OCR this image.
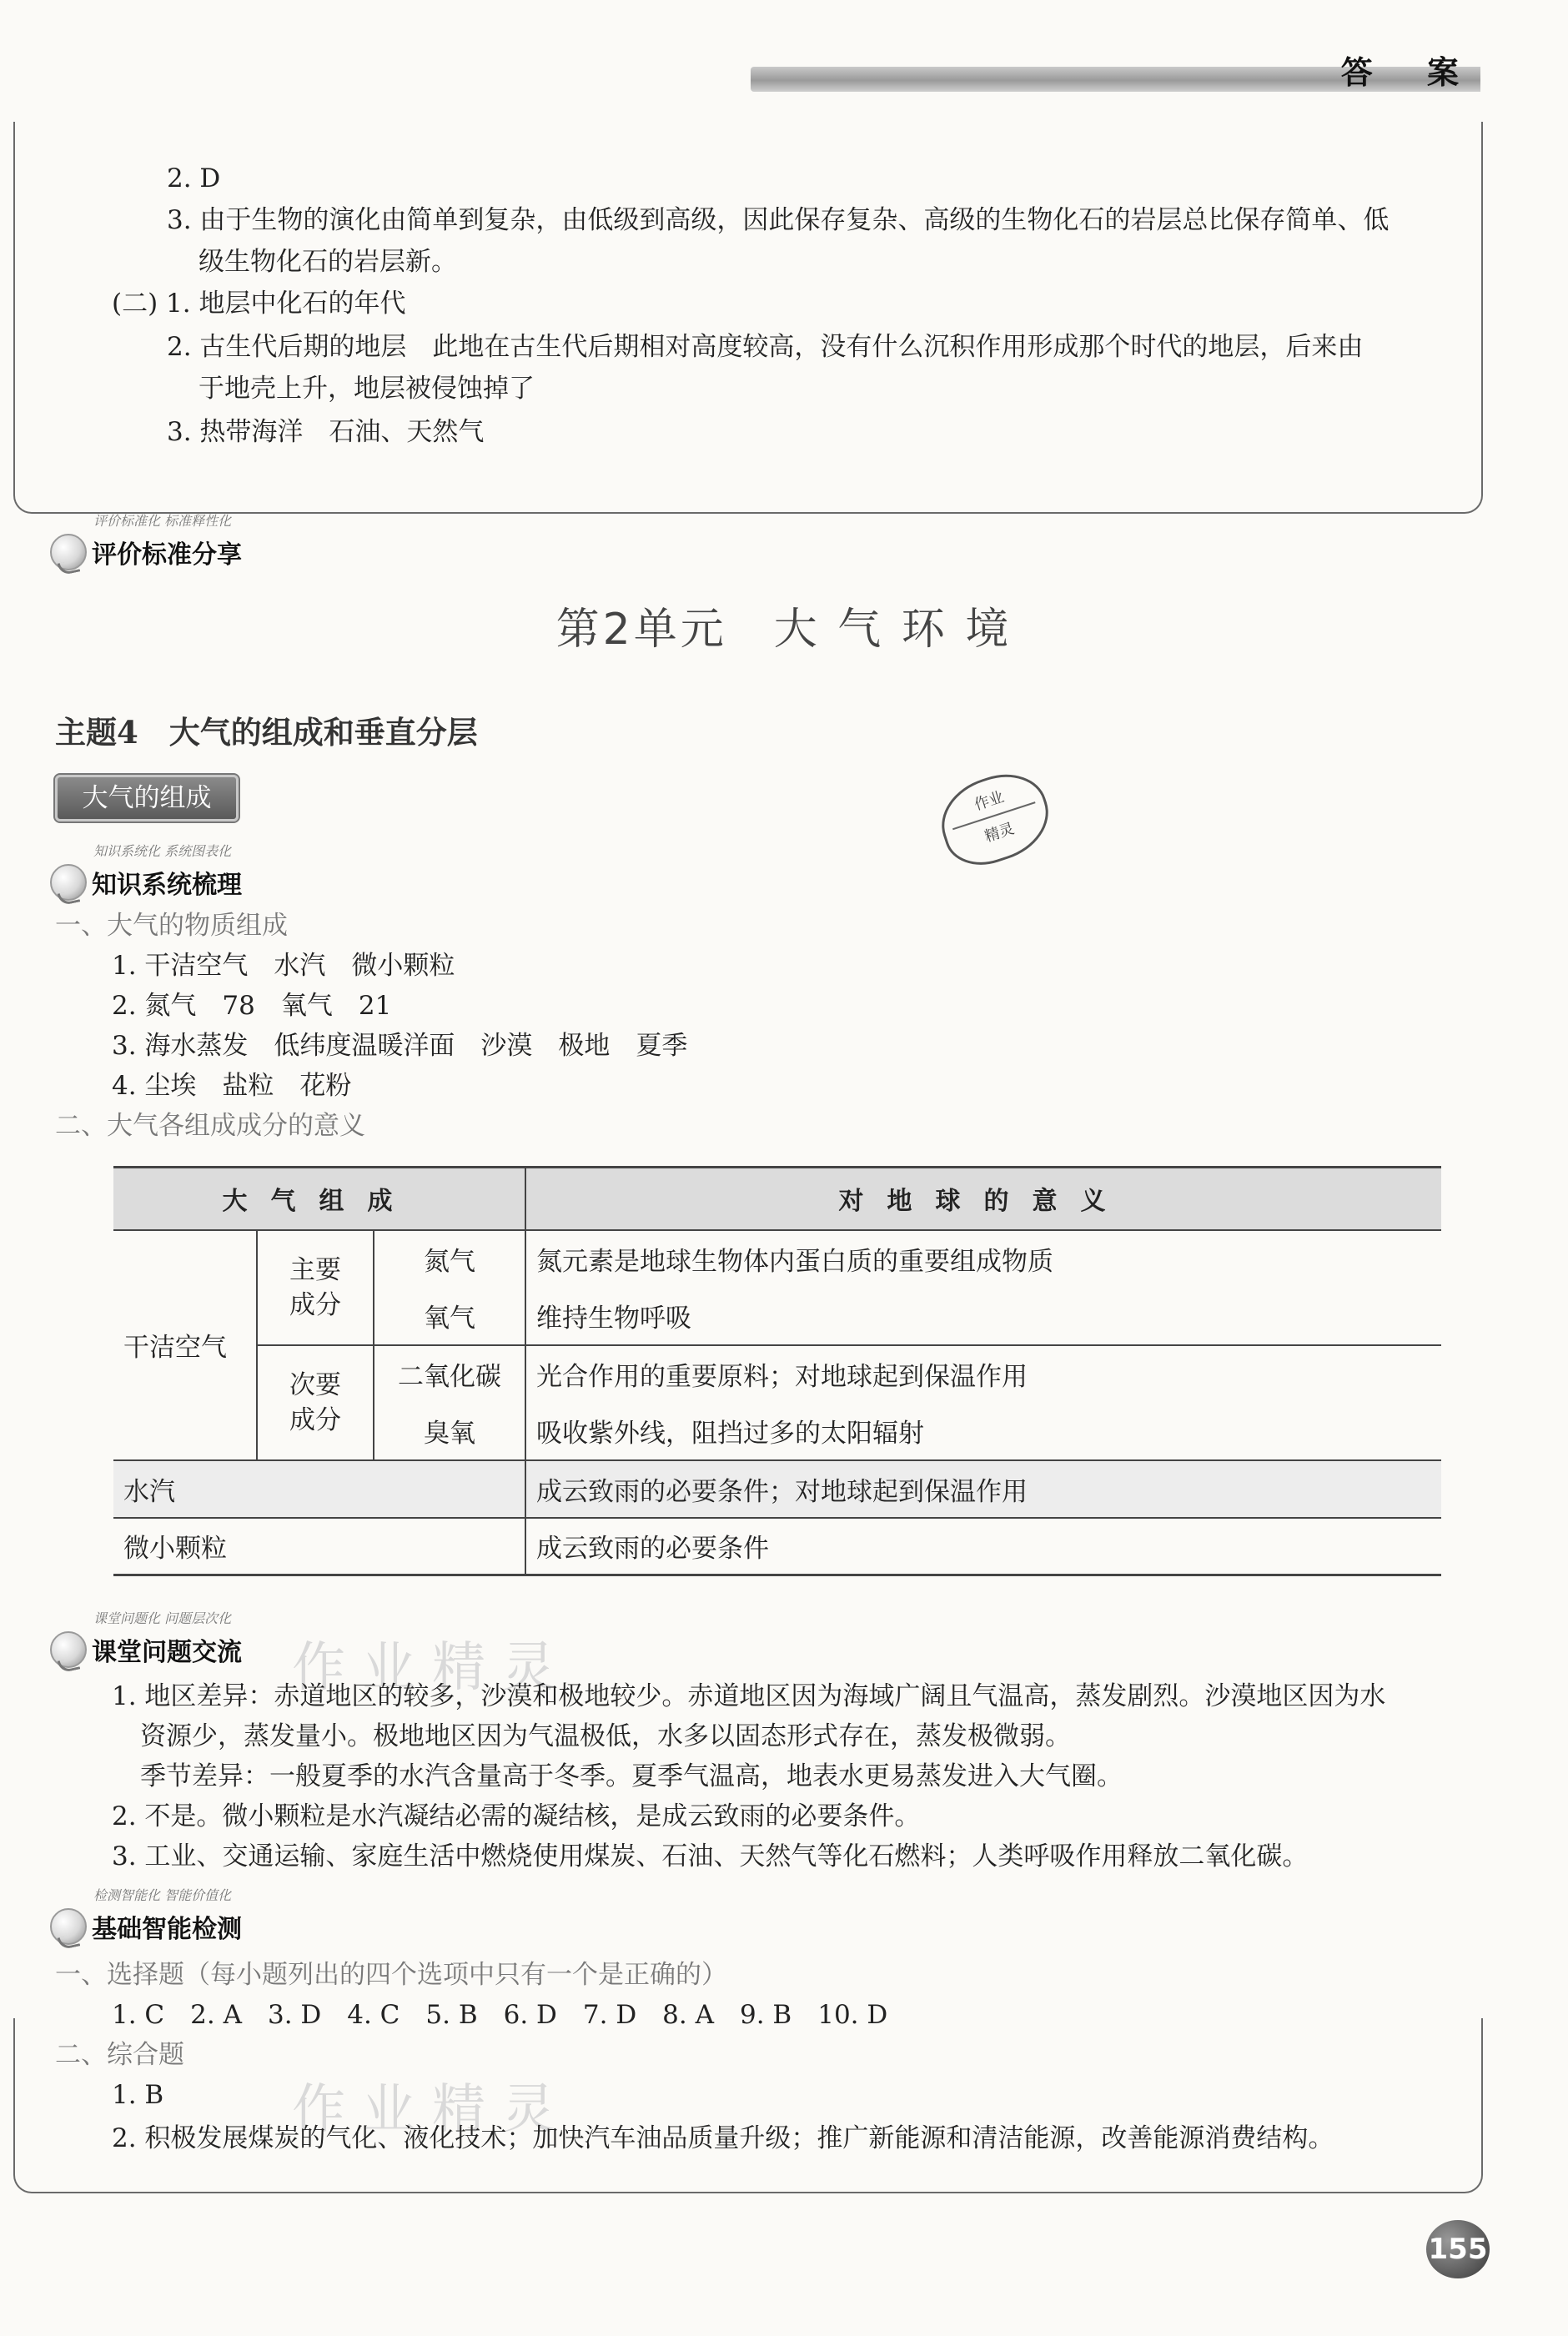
答 案
2. D
3. 由于生物的演化由简单到复杂，由低级到高级，因此保存复杂、高级的生物化石的岩层总比保存简单、低
级生物化石的岩层新。
(二) 1. 地层中化石的年代
2. 古生代后期的地层　此地在古生代后期相对高度较高，没有什么沉积作用形成那个时代的地层，后来由
于地壳上升，地层被侵蚀掉了
3. 热带海洋　石油、天然气
评价标准化 标准释性化
评价标准分享
第2单元　大 气 环 境
主题4　大气的组成和垂直分层
大气的组成	作业
精灵
知识系统化 系统图表化
知识系统梳理
一、大气的物质组成
1. 干洁空气　水汽　微小颗粒
2. 氮气　78　氧气　21
3. 海水蒸发　低纬度温暖洋面　沙漠　极地　夏季
4. 尘埃　盐粒　花粉
二、大气各组成成分的意义
大气组成			对地球的意义
干洁空气	主要成分	氮气	氮元素是地球生物体内蛋白质的重要组成物质
		氧气	维持生物呼吸
	次要成分	二氧化碳	光合作用的重要原料；对地球起到保温作用
		臭氧	吸收紫外线，阻挡过多的太阳辐射
水汽			成云致雨的必要条件；对地球起到保温作用
微小颗粒			成云致雨的必要条件
作业精灵
课堂问题化 问题层次化
课堂问题交流
1. 地区差异：赤道地区的较多，沙漠和极地较少。赤道地区因为海域广阔且气温高，蒸发剧烈。沙漠地区因为水
资源少，蒸发量小。极地地区因为气温极低，水多以固态形式存在，蒸发极微弱。
季节差异：一般夏季的水汽含量高于冬季。夏季气温高，地表水更易蒸发进入大气圈。
2. 不是。微小颗粒是水汽凝结必需的凝结核，是成云致雨的必要条件。
3. 工业、交通运输、家庭生活中燃烧使用煤炭、石油、天然气等化石燃料；人类呼吸作用释放二氧化碳。
检测智能化 智能价值化
基础智能检测
一、选择题（每小题列出的四个选项中只有一个是正确的）
1. C　2. A　3. D　4. C　5. B　6. D　7. D　8. A　9. B　10. D
二、综合题
作业精灵
1. B
2. 积极发展煤炭的气化、液化技术；加快汽车油品质量升级；推广新能源和清洁能源，改善能源消费结构。
155
